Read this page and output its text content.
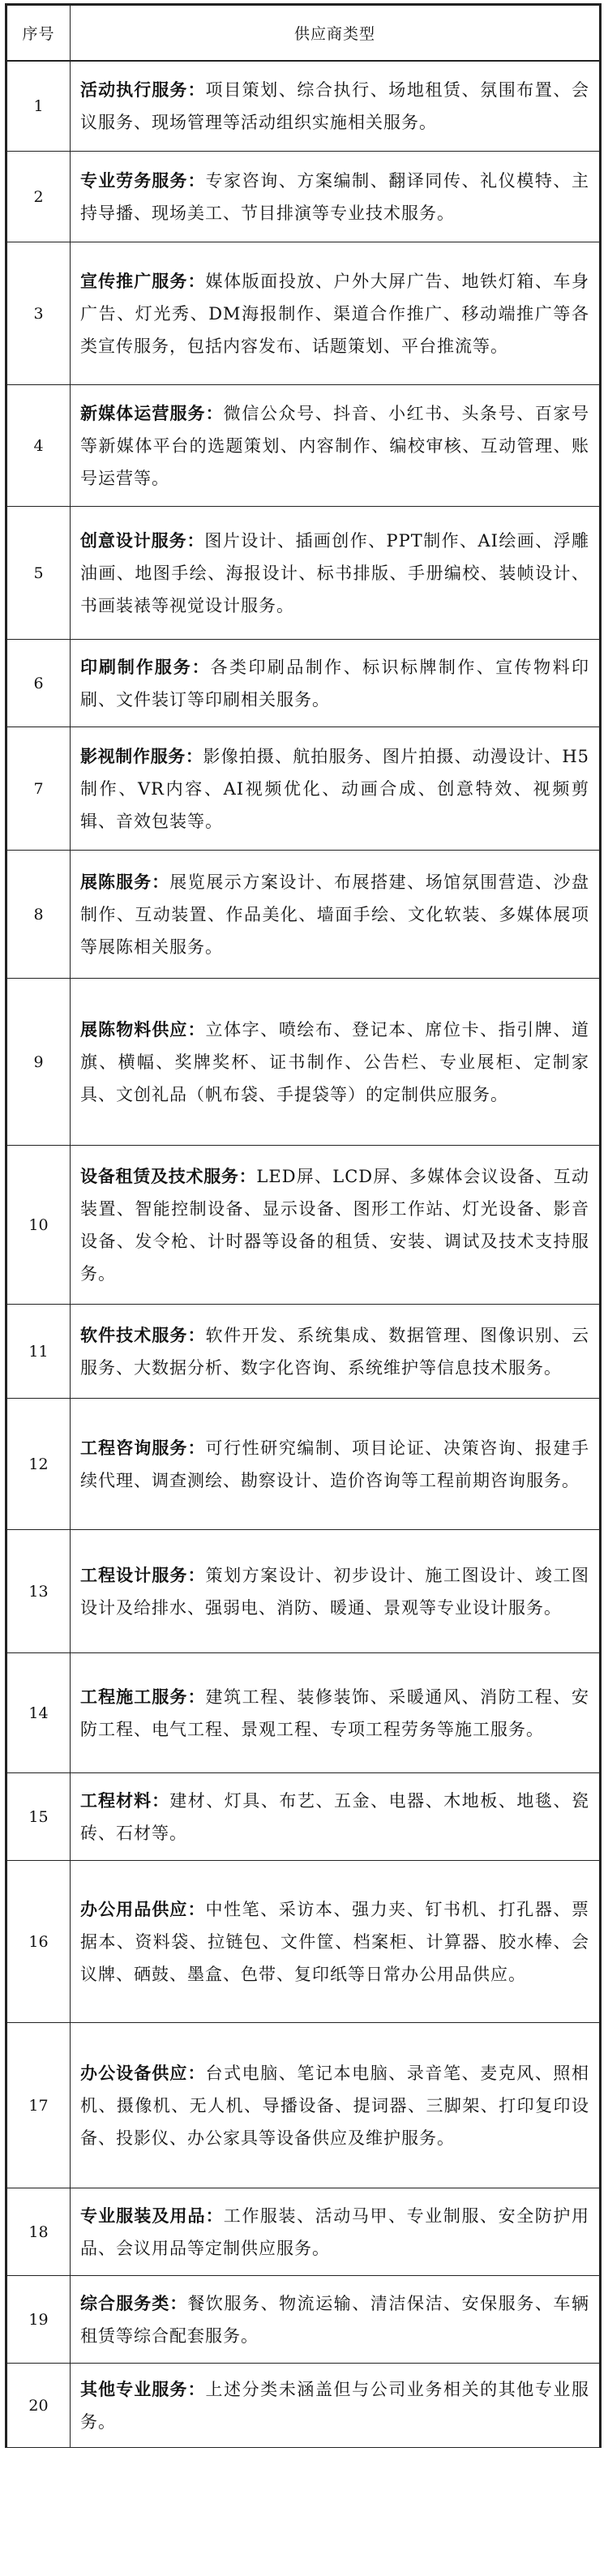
序号	供应商类型
1	活动执行服务：项目策划、综合执行、场地租赁、氛围布置、会议服务、现场管理等活动组织实施相关服务。
2	专业劳务服务：专家咨询、方案编制、翻译同传、礼仪模特、主持导播、现场美工、节目排演等专业技术服务。
3	宣传推广服务：媒体版面投放、户外大屏广告、地铁灯箱、车身广告、灯光秀、DM海报制作、渠道合作推广、移动端推广等各类宣传服务，包括内容发布、话题策划、平台推流等。
4	新媒体运营服务：微信公众号、抖音、小红书、头条号、百家号等新媒体平台的选题策划、内容制作、编校审核、互动管理、账号运营等。
5	创意设计服务：图片设计、插画创作、PPT制作、AI绘画、浮雕油画、地图手绘、海报设计、标书排版、手册编校、装帧设计、书画装裱等视觉设计服务。
6	印刷制作服务：各类印刷品制作、标识标牌制作、宣传物料印刷、文件装订等印刷相关服务。
7	影视制作服务：影像拍摄、航拍服务、图片拍摄、动漫设计、H5制作、VR内容、AI视频优化、动画合成、创意特效、视频剪辑、音效包装等。
8	展陈服务：展览展示方案设计、布展搭建、场馆氛围营造、沙盘制作、互动装置、作品美化、墙面手绘、文化软装、多媒体展项等展陈相关服务。
9	展陈物料供应：立体字、喷绘布、登记本、席位卡、指引牌、道旗、横幅、奖牌奖杯、证书制作、公告栏、专业展柜、定制家具、文创礼品（帆布袋、手提袋等）的定制供应服务。
10	设备租赁及技术服务：LED屏、LCD屏、多媒体会议设备、互动装置、智能控制设备、显示设备、图形工作站、灯光设备、影音设备、发令枪、计时器等设备的租赁、安装、调试及技术支持服务。
11	软件技术服务：软件开发、系统集成、数据管理、图像识别、云服务、大数据分析、数字化咨询、系统维护等信息技术服务。
12	工程咨询服务：可行性研究编制、项目论证、决策咨询、报建手续代理、调查测绘、勘察设计、造价咨询等工程前期咨询服务。
13	工程设计服务：策划方案设计、初步设计、施工图设计、竣工图设计及给排水、强弱电、消防、暖通、景观等专业设计服务。
14	工程施工服务：建筑工程、装修装饰、采暖通风、消防工程、安防工程、电气工程、景观工程、专项工程劳务等施工服务。
15	工程材料：建材、灯具、布艺、五金、电器、木地板、地毯、瓷砖、石材等。
16	办公用品供应：中性笔、采访本、强力夹、钉书机、打孔器、票据本、资料袋、拉链包、文件筐、档案柜、计算器、胶水棒、会议牌、硒鼓、墨盒、色带、复印纸等日常办公用品供应。
17	办公设备供应：台式电脑、笔记本电脑、录音笔、麦克风、照相机、摄像机、无人机、导播设备、提词器、三脚架、打印复印设备、投影仪、办公家具等设备供应及维护服务。
18	专业服装及用品：工作服装、活动马甲、专业制服、安全防护用品、会议用品等定制供应服务。
19	综合服务类：餐饮服务、物流运输、清洁保洁、安保服务、车辆租赁等综合配套服务。
20	其他专业服务：上述分类未涵盖但与公司业务相关的其他专业服务。
